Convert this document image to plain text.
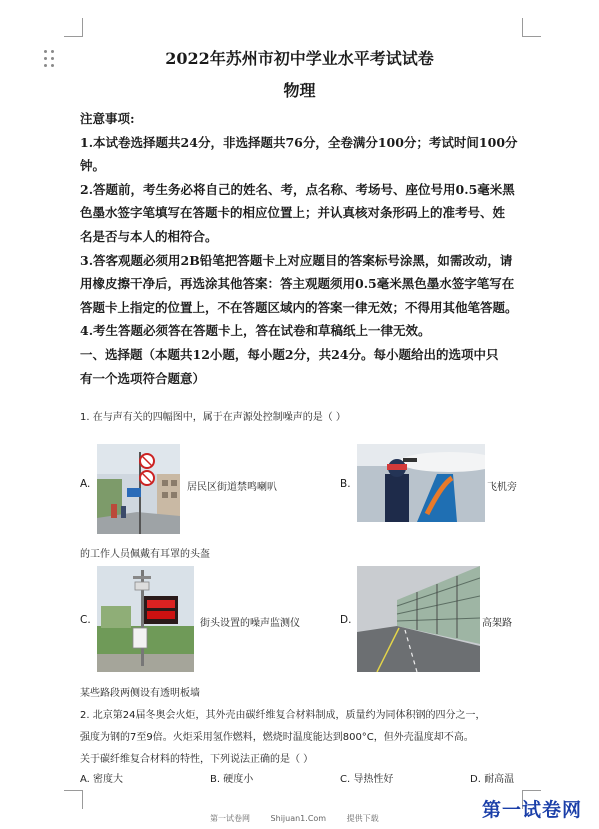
2022年苏州市初中学业水平考试试卷
物理

注意事项:

1.本试卷选择题共24分，非选择题共76分，全卷满分100分；考试时间100分

钟。

2.答题前，考生务必将自己的姓名、考，点名称、考场号、座位号用0.5毫米黑

色墨水签字笔填写在答题卡的相应位置上；并认真核对条形码上的准考号、姓

名是否与本人的相符合。

3.答客观题必须用2B铅笔把答题卡上对应题目的答案标号涂黑，如需改动，请

用橡皮擦干净后，再选涂其他答案：答主观题须用0.5毫米黑色墨水签字笔写在

答题卡上指定的位置上，不在答题区域内的答案一律无效；不得用其他笔答题。

4.考生答题必须答在答题卡上，答在试卷和草稿纸上一律无效。

一、选择题（本题共12小题，每小题2分，共24分。每小题给出的选项中只

有一个选项符合题意）

1. 在与声有关的四幅图中，属于在声源处控制噪声的是（ ）
A.	居民区街道禁鸣喇叭	B.	飞机旁
的工作人员佩戴有耳罩的头盔
C.	街头设置的噪声监测仪	D.	高架路
某些路段两侧设有透明板墙
2. 北京第24届冬奥会火炬，其外壳由碳纤维复合材料制成，质量约为同体积钢的四分之一，
强度为钢的7至9倍。火炬采用氢作燃料，燃烧时温度能达到800°C，但外壳温度却不高。
关于碳纤维复合材料的特性，下列说法正确的是（ ）
A. 密度大	B. 硬度小	C. 导热性好	D. 耐高温
第一试卷网	Shijuan1.Com	提供下载	第一试卷网
